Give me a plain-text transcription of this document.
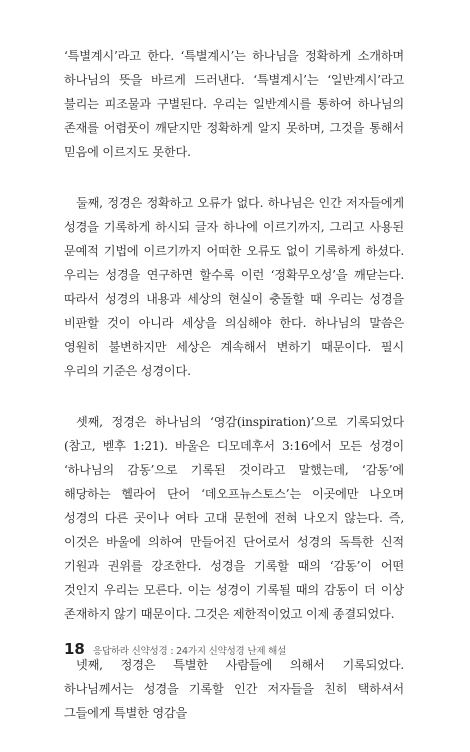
‘특별계시’라고 한다. ‘특별계시’는 하나님을 정확하게 소개하며 하나님의 뜻을 바르게 드러낸다. ‘특별계시’는 ‘일반계시’라고 불리는 피조물과 구별된다. 우리는 일반계시를 통하여 하나님의 존재를 어렴풋이 깨닫지만 정확하게 알지 못하며, 그것을 통해서 믿음에 이르지도 못한다.

둘째, 정경은 정확하고 오류가 없다. 하나님은 인간 저자들에게 성경을 기록하게 하시되 글자 하나에 이르기까지, 그리고 사용된 문예적 기법에 이르기까지 어떠한 오류도 없이 기록하게 하셨다. 우리는 성경을 연구하면 할수록 이런 ‘정확무오성’을 깨닫는다. 따라서 성경의 내용과 세상의 현실이 충돌할 때 우리는 성경을 비판할 것이 아니라 세상을 의심해야 한다. 하나님의 말씀은 영원히 불변하지만 세상은 계속해서 변하기 때문이다. 필시 우리의 기준은 성경이다.

셋째, 정경은 하나님의 ‘영감(inspiration)’으로 기록되었다(참고, 벧후 1:21). 바울은 디모데후서 3:16에서 모든 성경이 ‘하나님의 감동’으로 기록된 것이라고 말했는데, ‘감동’에 해당하는 헬라어 단어 ‘데오프뉴스토스’는 이곳에만 나오며 성경의 다른 곳이나 여타 고대 문헌에 전혀 나오지 않는다. 즉, 이것은 바울에 의하여 만들어진 단어로서 성경의 독특한 신적 기원과 권위를 강조한다. 성경을 기록할 때의 ‘감동’이 어떤 것인지 우리는 모른다. 이는 성경이 기록될 때의 감동이 더 이상 존재하지 않기 때문이다. 그것은 제한적이었고 이제 종결되었다.

넷째, 정경은 특별한 사람들에 의해서 기록되었다. 하나님께서는 성경을 기록할 인간 저자들을 친히 택하셔서 그들에게 특별한 영감을

18 응답하라 신약성경 : 24가지 신약성경 난제 해설
